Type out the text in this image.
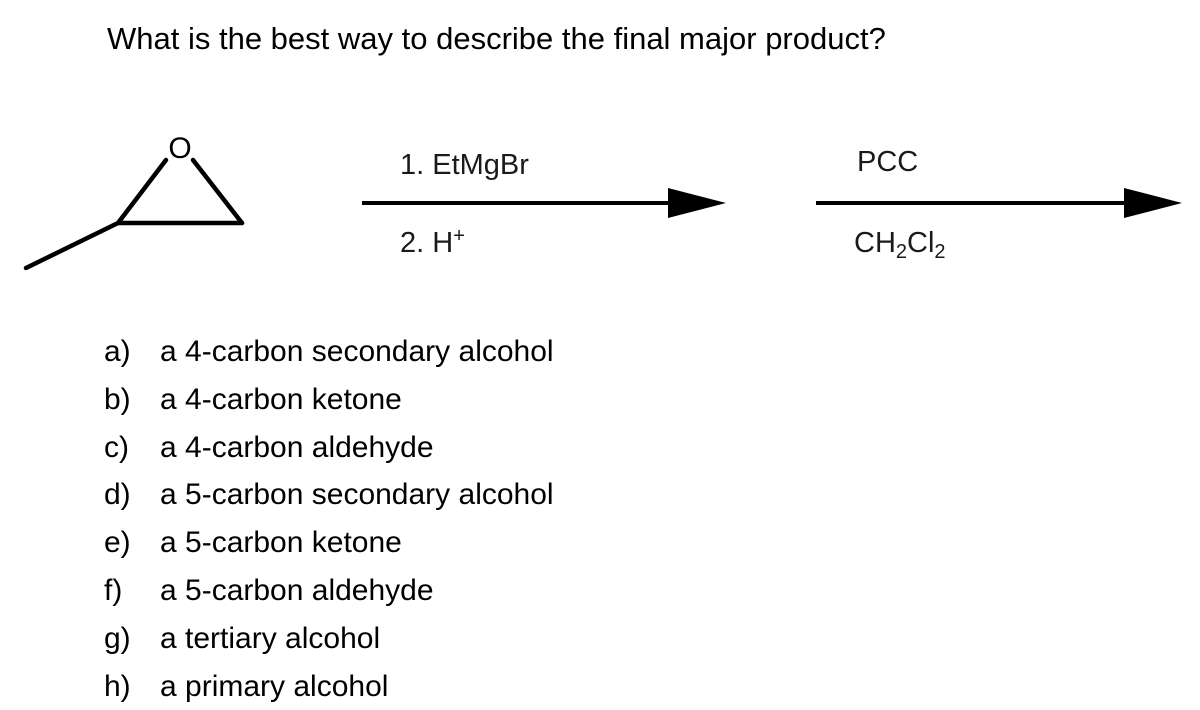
What is the best way to describe the final major product?
O	1. EtMgBr
2. H+
PCC
$CH_2Cl_2$
a) a 4-carbon secondary alcohol
b) a 4-carbon ketone
c)	a 4-carbon aldehyde
d) a 5-carbon secondary alcohol
e) a 5-carbon ketone
f)	a 5-carbon aldehyde
g) a tertiary alcohol
h) a primary alcohol
